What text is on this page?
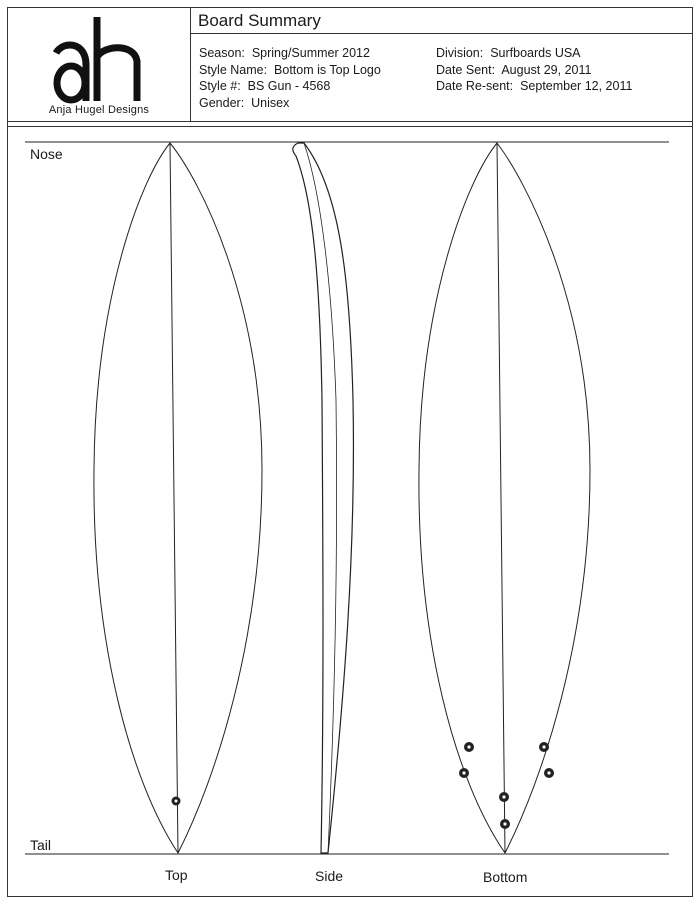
Anja Hugel Designs
Board Summary
Season: Spring/Summer 2012
Style Name: Bottom is Top Logo
Style #: BS Gun - 4568
Gender: Unisex
Division: Surfboards USA
Date Sent: August 29, 2011
Date Re-sent: September 12, 2011
Nose
Tail
Top	Side	Bottom
